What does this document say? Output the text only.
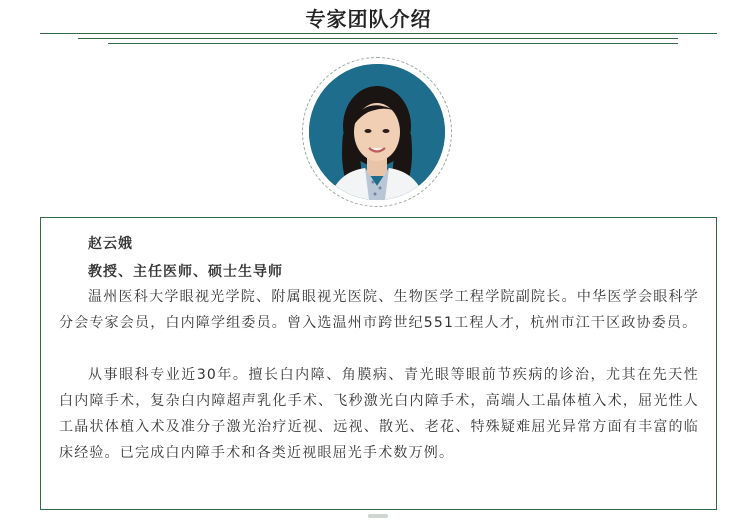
专家团队介绍
赵云娥
教授、主任医师、硕士生导师
温州医科大学眼视光学院、附属眼视光医院、生物医学工程学院副院长。中华医学会眼科学分会专家会员，白内障学组委员。曾入选温州市跨世纪551工程人才，杭州市江干区政协委员。
从事眼科专业近30年。擅长白内障、角膜病、青光眼等眼前节疾病的诊治，尤其在先天性白内障手术，复杂白内障超声乳化手术、飞秒激光白内障手术，高端人工晶体植入术，屈光性人工晶状体植入术及准分子激光治疗近视、远视、散光、老花、特殊疑难屈光异常方面有丰富的临床经验。已完成白内障手术和各类近视眼屈光手术数万例。
